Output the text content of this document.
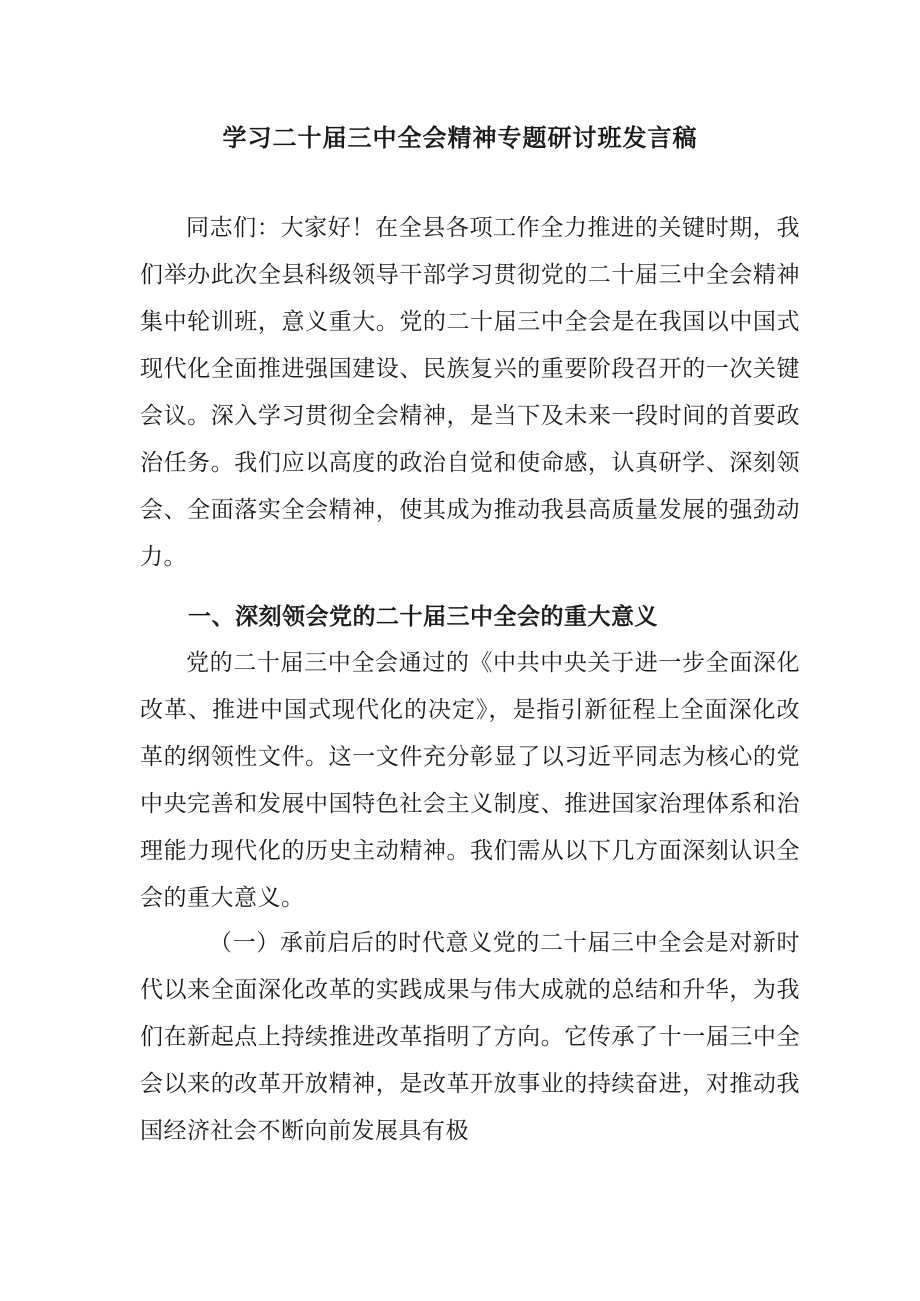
学习二十届三中全会精神专题研讨班发言稿

同志们：大家好！在全县各项工作全力推进的关键时期，我们举办此次全县科级领导干部学习贯彻党的二十届三中全会精神集中轮训班，意义重大。党的二十届三中全会是在我国以中国式现代化全面推进强国建设、民族复兴的重要阶段召开的一次关键会议。深入学习贯彻全会精神，是当下及未来一段时间的首要政治任务。我们应以高度的政治自觉和使命感，认真研学、深刻领会、全面落实全会精神，使其成为推动我县高质量发展的强劲动力。

一、深刻领会党的二十届三中全会的重大意义

党的二十届三中全会通过的《中共中央关于进一步全面深化改革、推进中国式现代化的决定》，是指引新征程上全面深化改革的纲领性文件。这一文件充分彰显了以习近平同志为核心的党中央完善和发展中国特色社会主义制度、推进国家治理体系和治理能力现代化的历史主动精神。我们需从以下几方面深刻认识全会的重大意义。

（一）承前启后的时代意义党的二十届三中全会是对新时代以来全面深化改革的实践成果与伟大成就的总结和升华，为我们在新起点上持续推进改革指明了方向。它传承了十一届三中全会以来的改革开放精神，是改革开放事业的持续奋进，对推动我国经济社会不断向前发展具有极
